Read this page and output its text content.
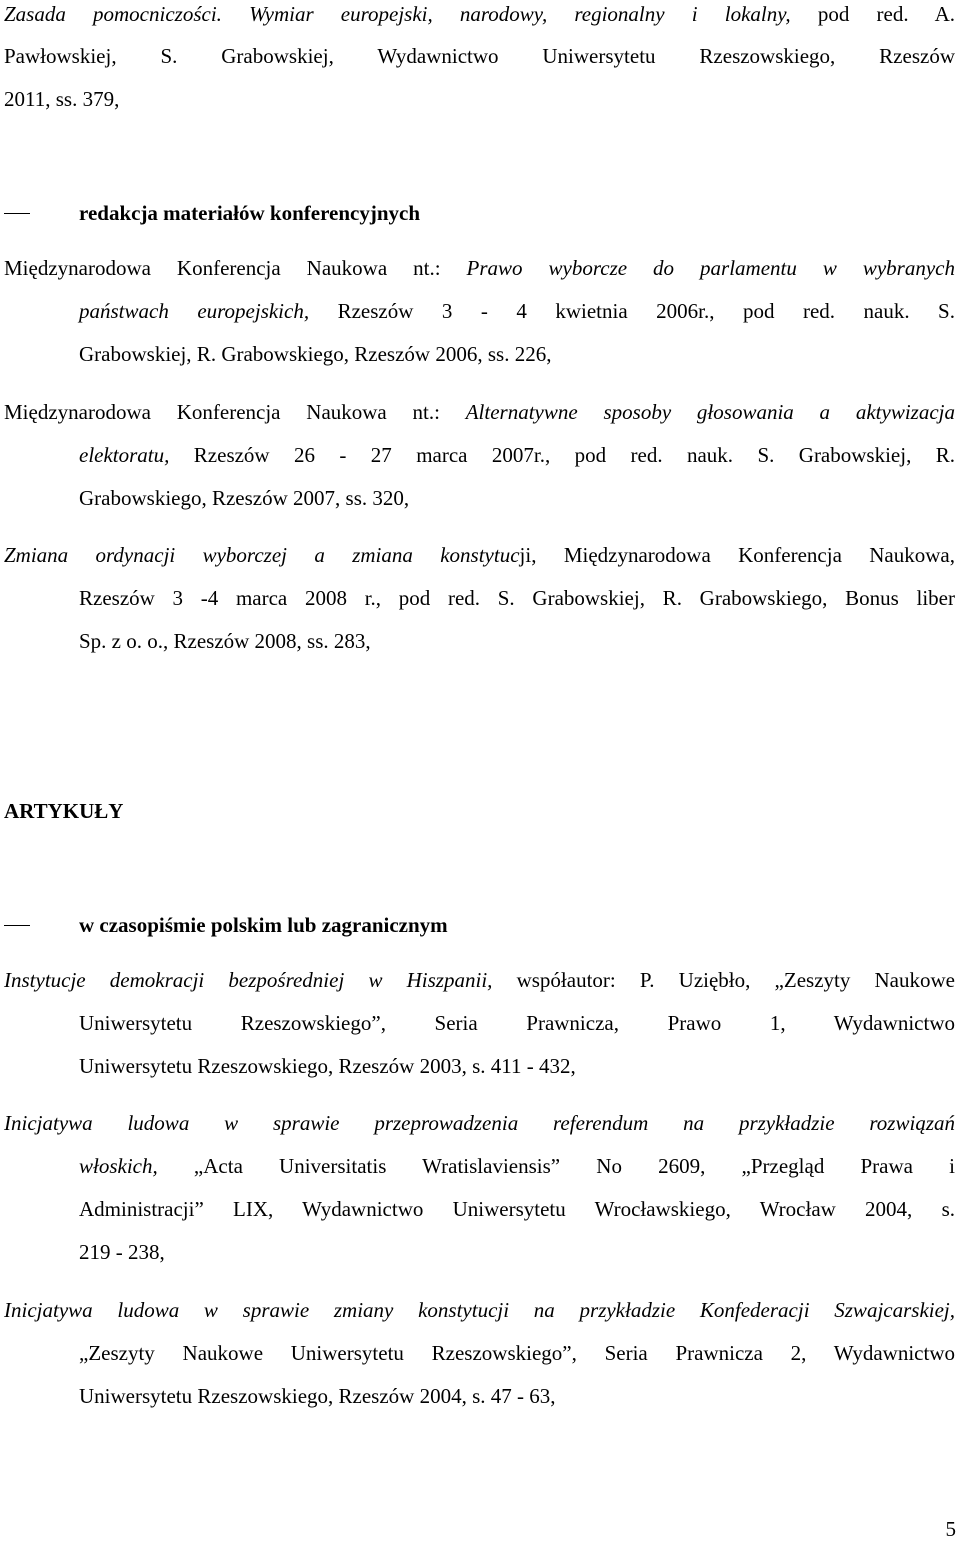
Zasada pomocniczości. Wymiar europejski, narodowy, regionalny i lokalny, pod red. A.
Pawłowskiej, S. Grabowskiej, Wydawnictwo Uniwersytetu Rzeszowskiego, Rzeszów
2011, ss. 379,
redakcja materiałów konferencyjnych
Międzynarodowa Konferencja Naukowa nt.: Prawo wyborcze do parlamentu w wybranych
państwach europejskich, Rzeszów 3 - 4 kwietnia 2006r., pod red. nauk. S.
Grabowskiej, R. Grabowskiego, Rzeszów 2006, ss. 226,
Międzynarodowa Konferencja Naukowa nt.: Alternatywne sposoby głosowania a aktywizacja
elektoratu, Rzeszów 26 - 27 marca 2007r., pod red. nauk. S. Grabowskiej, R.
Grabowskiego, Rzeszów 2007, ss. 320,
Zmiana ordynacji wyborczej a zmiana konstytucji, Międzynarodowa Konferencja Naukowa,
Rzeszów 3 -4 marca 2008 r., pod red. S. Grabowskiej, R. Grabowskiego, Bonus liber
Sp. z o. o., Rzeszów 2008, ss. 283,
ARTYKUŁY
w czasopiśmie polskim lub zagranicznym
Instytucje demokracji bezpośredniej w Hiszpanii, współautor: P. Uziębło, „Zeszyty Naukowe
Uniwersytetu Rzeszowskiego”, Seria Prawnicza, Prawo 1, Wydawnictwo
Uniwersytetu Rzeszowskiego, Rzeszów 2003, s. 411 - 432,
Inicjatywa ludowa w sprawie przeprowadzenia referendum na przykładzie rozwiązań
włoskich, „Acta Universitatis Wratislaviensis” No 2609, „Przegląd Prawa i
Administracji” LIX, Wydawnictwo Uniwersytetu Wrocławskiego, Wrocław 2004, s.
219 - 238,
Inicjatywa ludowa w sprawie zmiany konstytucji na przykładzie Konfederacji Szwajcarskiej,
„Zeszyty Naukowe Uniwersytetu Rzeszowskiego”, Seria Prawnicza 2, Wydawnictwo
Uniwersytetu Rzeszowskiego, Rzeszów 2004, s. 47 - 63,
5
